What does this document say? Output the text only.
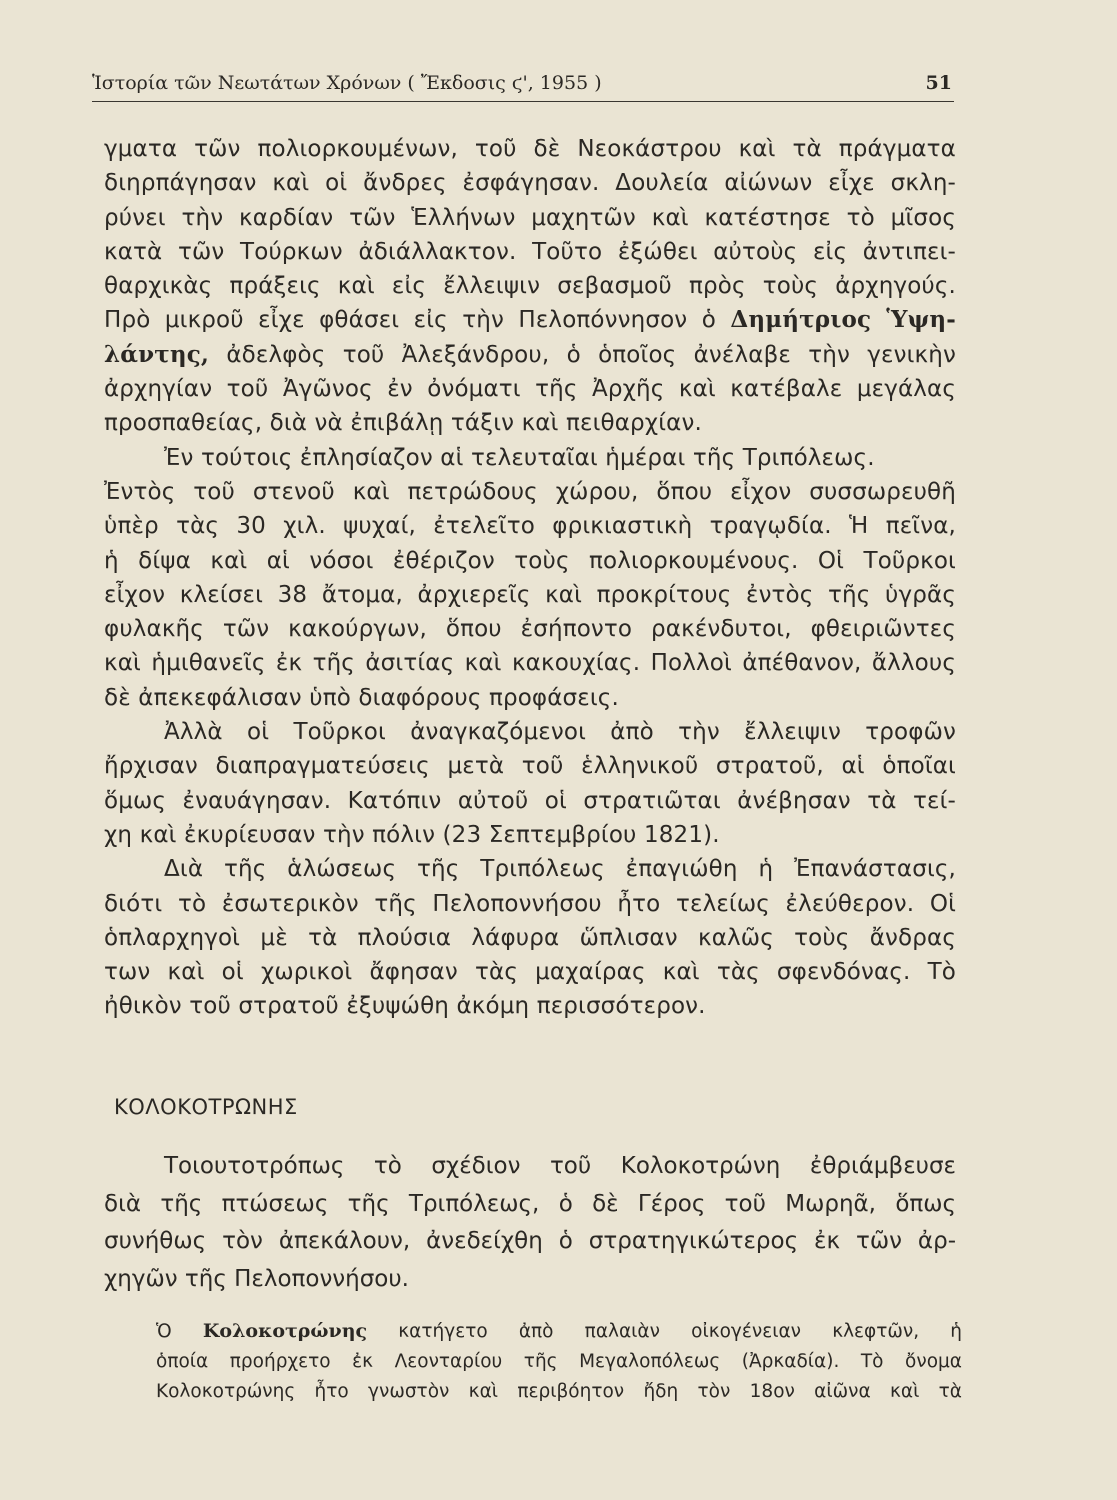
Ἱστορία τῶν Νεωτάτων Χρόνων ( Ἔκδοσις ϛ', 1955 )	51
γματα τῶν πολιορκουμένων, τοῦ δὲ Νεοκάστρου καὶ τὰ πράγματα
διηρπάγησαν καὶ οἱ ἄνδρες ἐσφάγησαν. Δουλεία αἰώνων εἶχε σκλη-
ρύνει τὴν καρδίαν τῶν Ἑλλήνων μαχητῶν καὶ κατέστησε τὸ μῖσος
κατὰ τῶν Τούρκων ἀδιάλλακτον. Τοῦτο ἐξώθει αὐτοὺς εἰς ἀντιπει-
θαρχικὰς πράξεις καὶ εἰς ἔλλειψιν σεβασμοῦ πρὸς τοὺς ἀρχηγούς.
Πρὸ μικροῦ εἶχε φθάσει εἰς τὴν Πελοπόννησον ὁ Δημήτριος Ὑψη-
λάντης, ἀδελφὸς τοῦ Ἀλεξάνδρου, ὁ ὁποῖος ἀνέλαβε τὴν γενικὴν
ἀρχηγίαν τοῦ Ἀγῶνος ἐν ὀνόματι τῆς Ἀρχῆς καὶ κατέβαλε μεγάλας
προσπαθείας, διὰ νὰ ἐπιβάλῃ τάξιν καὶ πειθαρχίαν.
Ἐν τούτοις ἐπλησίαζον αἱ τελευταῖαι ἡμέραι τῆς Τριπόλεως.
Ἐντὸς τοῦ στενοῦ καὶ πετρώδους χώρου, ὅπου εἶχον συσσωρευθῆ
ὑπὲρ τὰς 30 χιλ. ψυχαί, ἐτελεῖτο φρικιαστικὴ τραγῳδία. Ἡ πεῖνα,
ἡ δίψα καὶ αἱ νόσοι ἐθέριζον τοὺς πολιορκουμένους. Οἱ Τοῦρκοι
εἶχον κλείσει 38 ἄτομα, ἀρχιερεῖς καὶ προκρίτους ἐντὸς τῆς ὑγρᾶς
φυλακῆς τῶν κακούργων, ὅπου ἐσήποντο ρακένδυτοι, φθειριῶντες
καὶ ἡμιθανεῖς ἐκ τῆς ἀσιτίας καὶ κακουχίας. Πολλοὶ ἀπέθανον, ἄλλους
δὲ ἀπεκεφάλισαν ὑπὸ διαφόρους προφάσεις.
Ἀλλὰ οἱ Τοῦρκοι ἀναγκαζόμενοι ἀπὸ τὴν ἔλλειψιν τροφῶν
ἤρχισαν διαπραγματεύσεις μετὰ τοῦ ἑλληνικοῦ στρατοῦ, αἱ ὁποῖαι
ὅμως ἐναυάγησαν. Κατόπιν αὐτοῦ οἱ στρατιῶται ἀνέβησαν τὰ τεί-
χη καὶ ἐκυρίευσαν τὴν πόλιν (23 Σεπτεμβρίου 1821).
Διὰ τῆς ἁλώσεως τῆς Τριπόλεως ἐπαγιώθη ἡ Ἐπανάστασις,
διότι τὸ ἐσωτερικὸν τῆς Πελοποννήσου ἦτο τελείως ἐλεύθερον. Οἱ
ὁπλαρχηγοὶ μὲ τὰ πλούσια λάφυρα ὥπλισαν καλῶς τοὺς ἄνδρας
των καὶ οἱ χωρικοὶ ἄφησαν τὰς μαχαίρας καὶ τὰς σφενδόνας. Τὸ
ἠθικὸν τοῦ στρατοῦ ἐξυψώθη ἀκόμη περισσότερον.
ΚΟΛΟΚΟΤΡΩΝΗΣ
Τοιουτοτρόπως τὸ σχέδιον τοῦ Κολοκοτρώνη ἐθριάμβευσε
διὰ τῆς πτώσεως τῆς Τριπόλεως, ὁ δὲ Γέρος τοῦ Μωρηᾶ, ὅπως
συνήθως τὸν ἀπεκάλουν, ἀνεδείχθη ὁ στρατηγικώτερος ἐκ τῶν ἀρ-
χηγῶν τῆς Πελοποννήσου.
Ὁ Κολοκοτρώνης κατήγετο ἀπὸ παλαιὰν οἰκογένειαν κλεφτῶν, ἡ
ὁποία προήρχετο ἐκ Λεονταρίου τῆς Μεγαλοπόλεως (Ἀρκαδία). Τὸ ὄνομα
Κολοκοτρώνης ἦτο γνωστὸν καὶ περιβόητον ἤδη τὸν 18ον αἰῶνα καὶ τὰ
